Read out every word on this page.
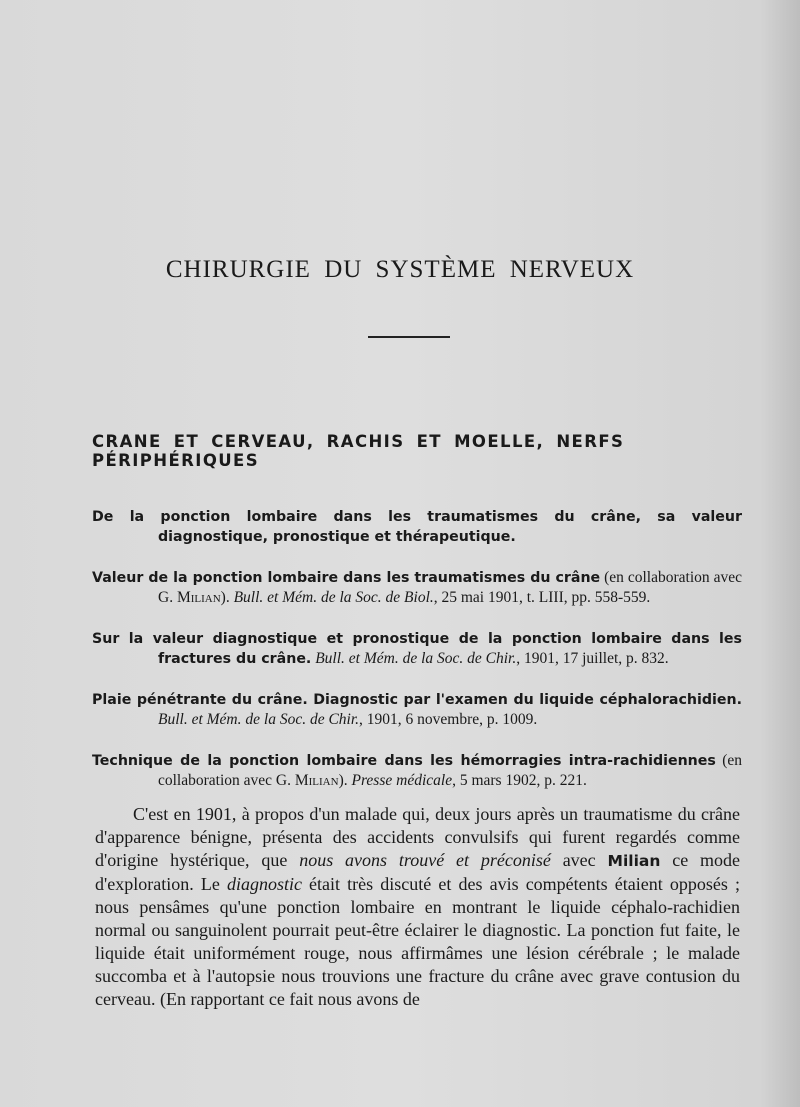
CHIRURGIE DU SYSTÈME NERVEUX
CRANE ET CERVEAU, RACHIS ET MOELLE, NERFS PÉRIPHÉRIQUES
De la ponction lombaire dans les traumatismes du crâne, sa valeur diagnostique, pronostique et thérapeutique.
Valeur de la ponction lombaire dans les traumatismes du crâne (en collaboration avec G. Milian). Bull. et Mém. de la Soc. de Biol., 25 mai 1901, t. LIII, pp. 558-559.
Sur la valeur diagnostique et pronostique de la ponction lombaire dans les fractures du crâne. Bull. et Mém. de la Soc. de Chir., 1901, 17 juillet, p. 832.
Plaie pénétrante du crâne. Diagnostic par l'examen du liquide céphalorachidien. Bull. et Mém. de la Soc. de Chir., 1901, 6 novembre, p. 1009.
Technique de la ponction lombaire dans les hémorragies intra-rachidiennes (en collaboration avec G. Milian). Presse médicale, 5 mars 1902, p. 221.

C'est en 1901, à propos d'un malade qui, deux jours après un traumatisme du crâne d'apparence bénigne, présenta des accidents convulsifs qui furent regardés comme d'origine hystérique, que nous avons trouvé et préconisé avec Milian ce mode d'exploration. Le diagnostic était très discuté et des avis compétents étaient opposés ; nous pensâmes qu'une ponction lombaire en montrant le liquide céphalo-rachidien normal ou sanguinolent pourrait peut-être éclairer le diagnostic. La ponction fut faite, le liquide était uniformément rouge, nous affirmâmes une lésion cérébrale ; le malade succomba et à l'autopsie nous trouvions une fracture du crâne avec grave contusion du cerveau. (En rapportant ce fait nous avons de
